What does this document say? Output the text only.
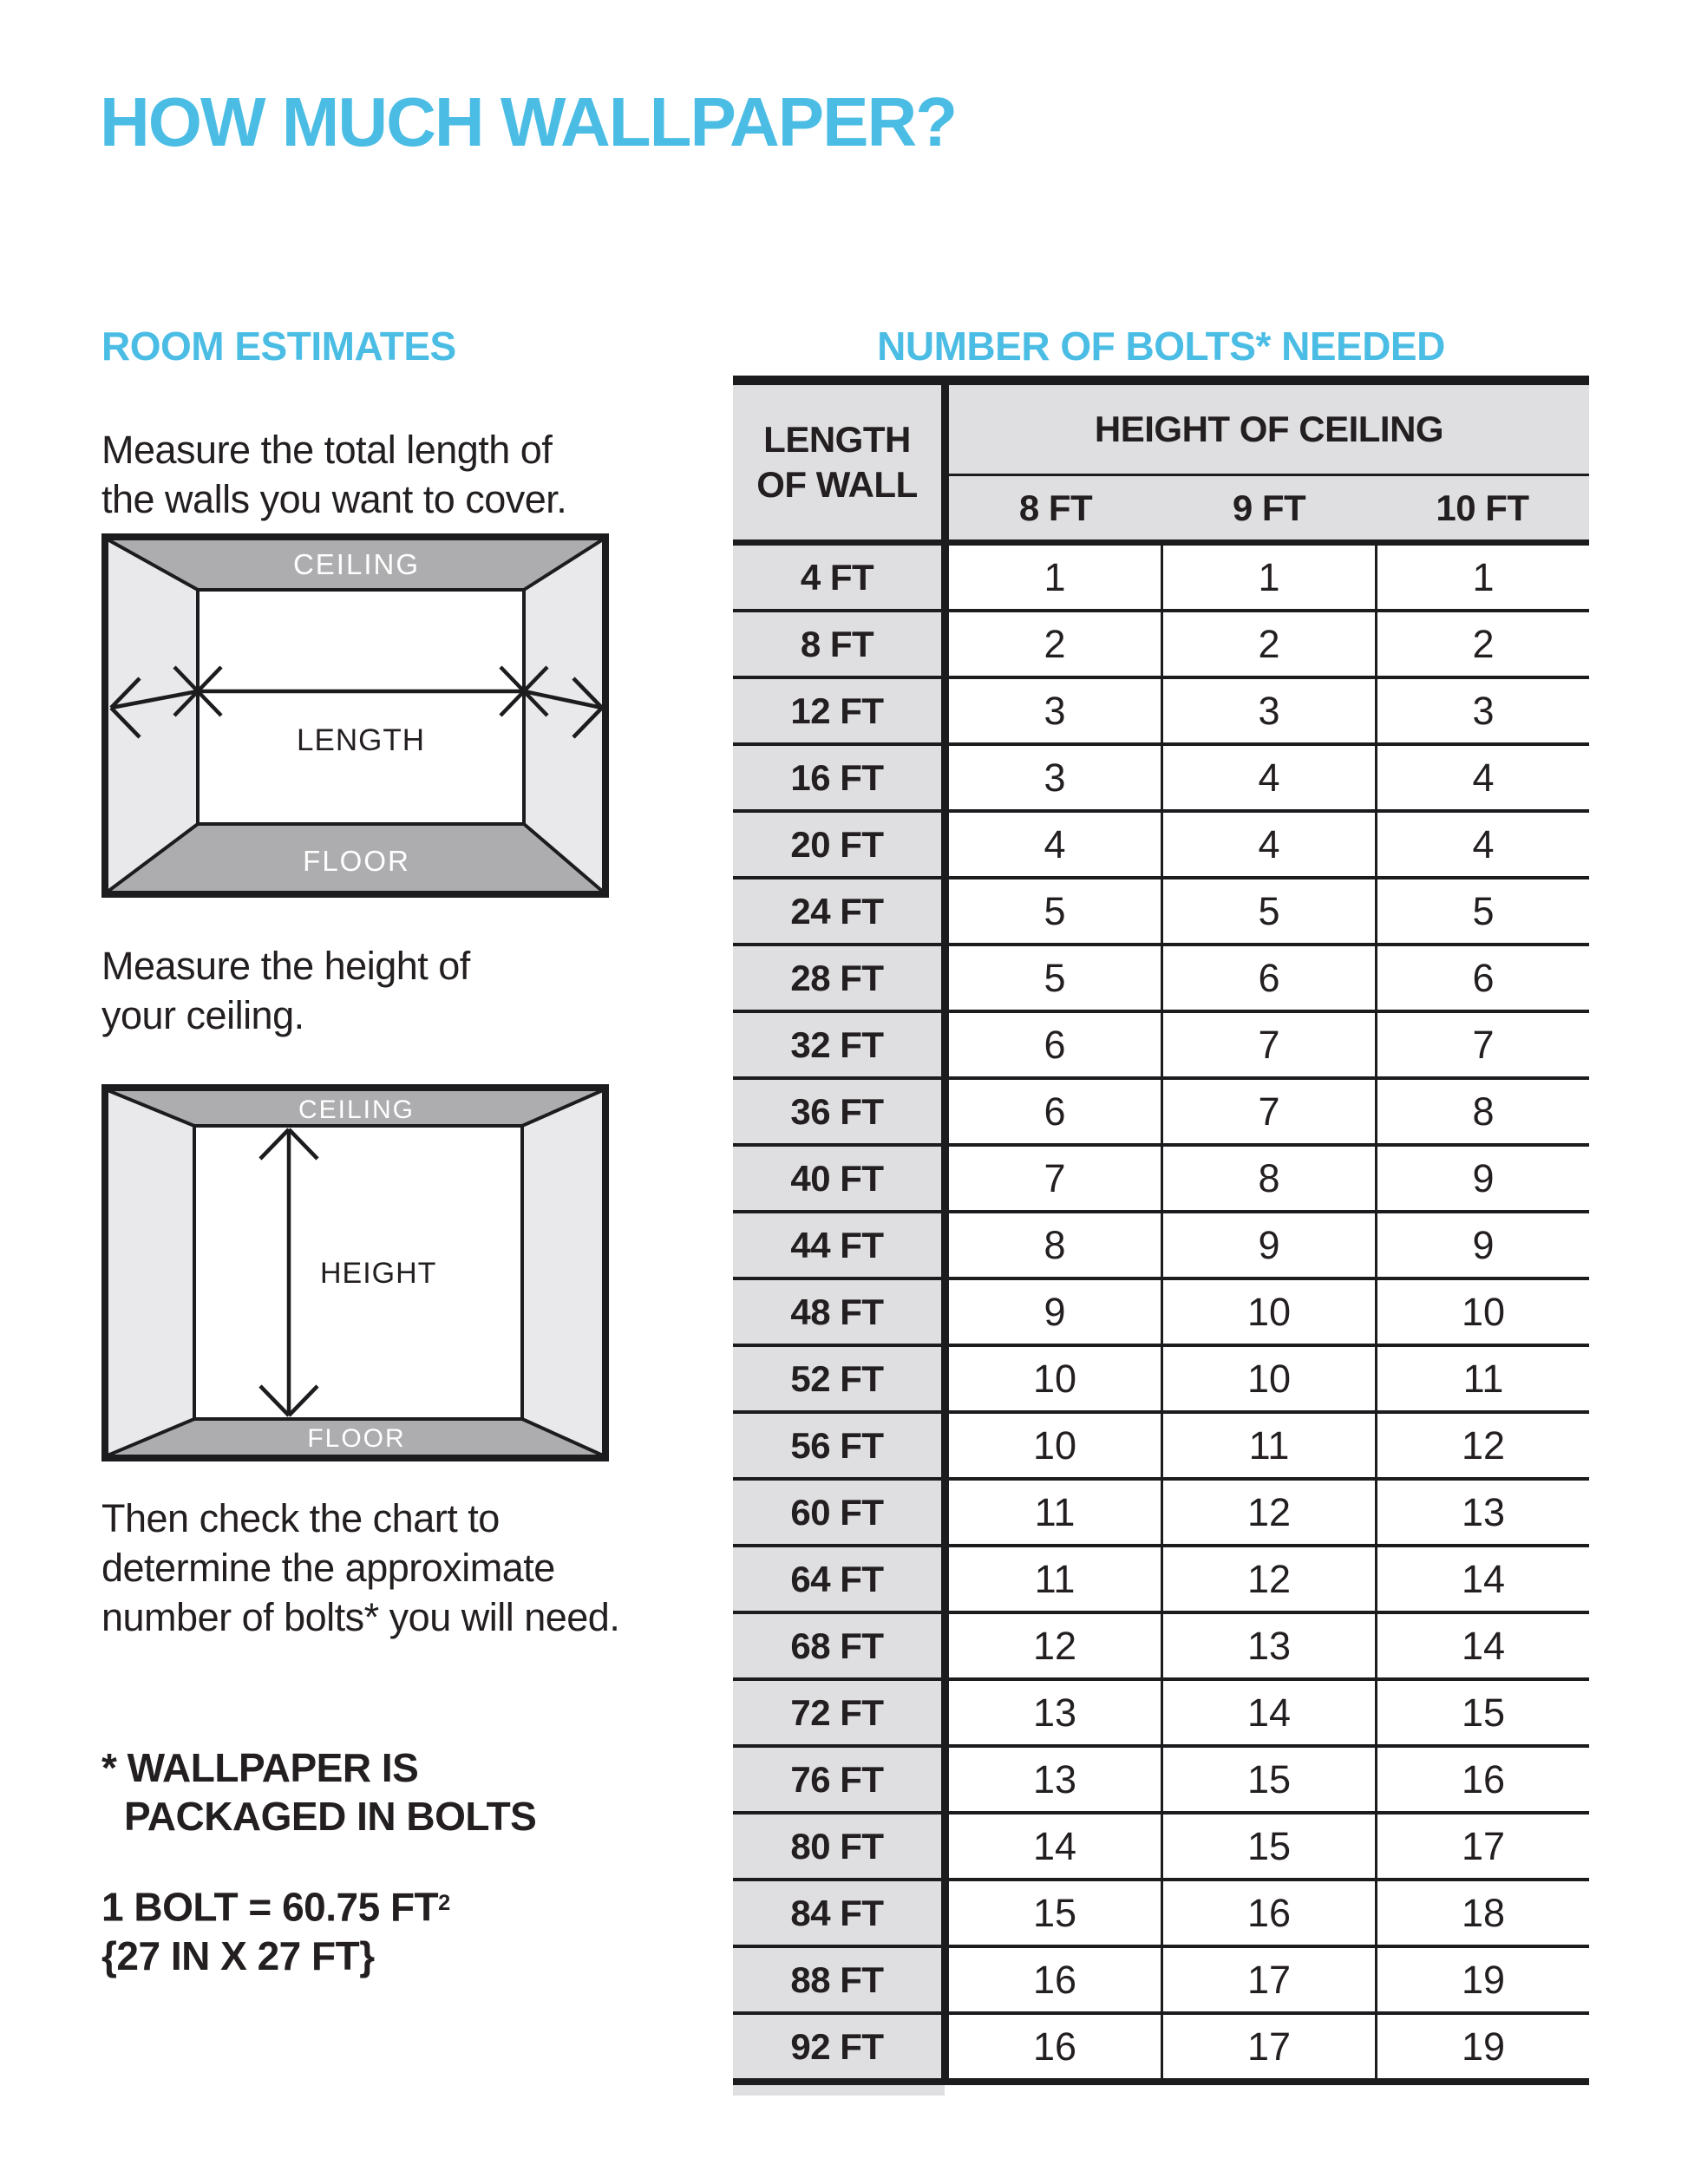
HOW MUCH WALLPAPER?
ROOM ESTIMATES
Measure the total length of
the walls you want to cover.
CEILING
FLOOR
LENGTH
Measure the height of
your ceiling.
CEILING
FLOOR
HEIGHT
Then check the chart to
determine the approximate
number of bolts* you will need.
* WALLPAPER IS
PACKAGED IN BOLTS
1 BOLT = 60.75 $FT^2$
{27 IN X 27 FT}
NUMBER OF BOLTS* NEEDED
LENGTH
OF WALL
HEIGHT OF CEILING
8 FT	9 FT	10 FT
4 FT	1	1	1
8 FT	2	2	2
12 FT	3	3	3
16 FT	3	4	4
20 FT	4	4	4
24 FT	5	5	5
28 FT	5	6	6
32 FT	6	7	7
36 FT	6	7	8
40 FT	7	8	9
44 FT	8	9	9
48 FT	9	10	10
52 FT	10	10	11
56 FT	10	11	12
60 FT	11	12	13
64 FT	11	12	14
68 FT	12	13	14
72 FT	13	14	15
76 FT	13	15	16
80 FT	14	15	17
84 FT	15	16	18
88 FT	16	17	19
92 FT	16	17	19
